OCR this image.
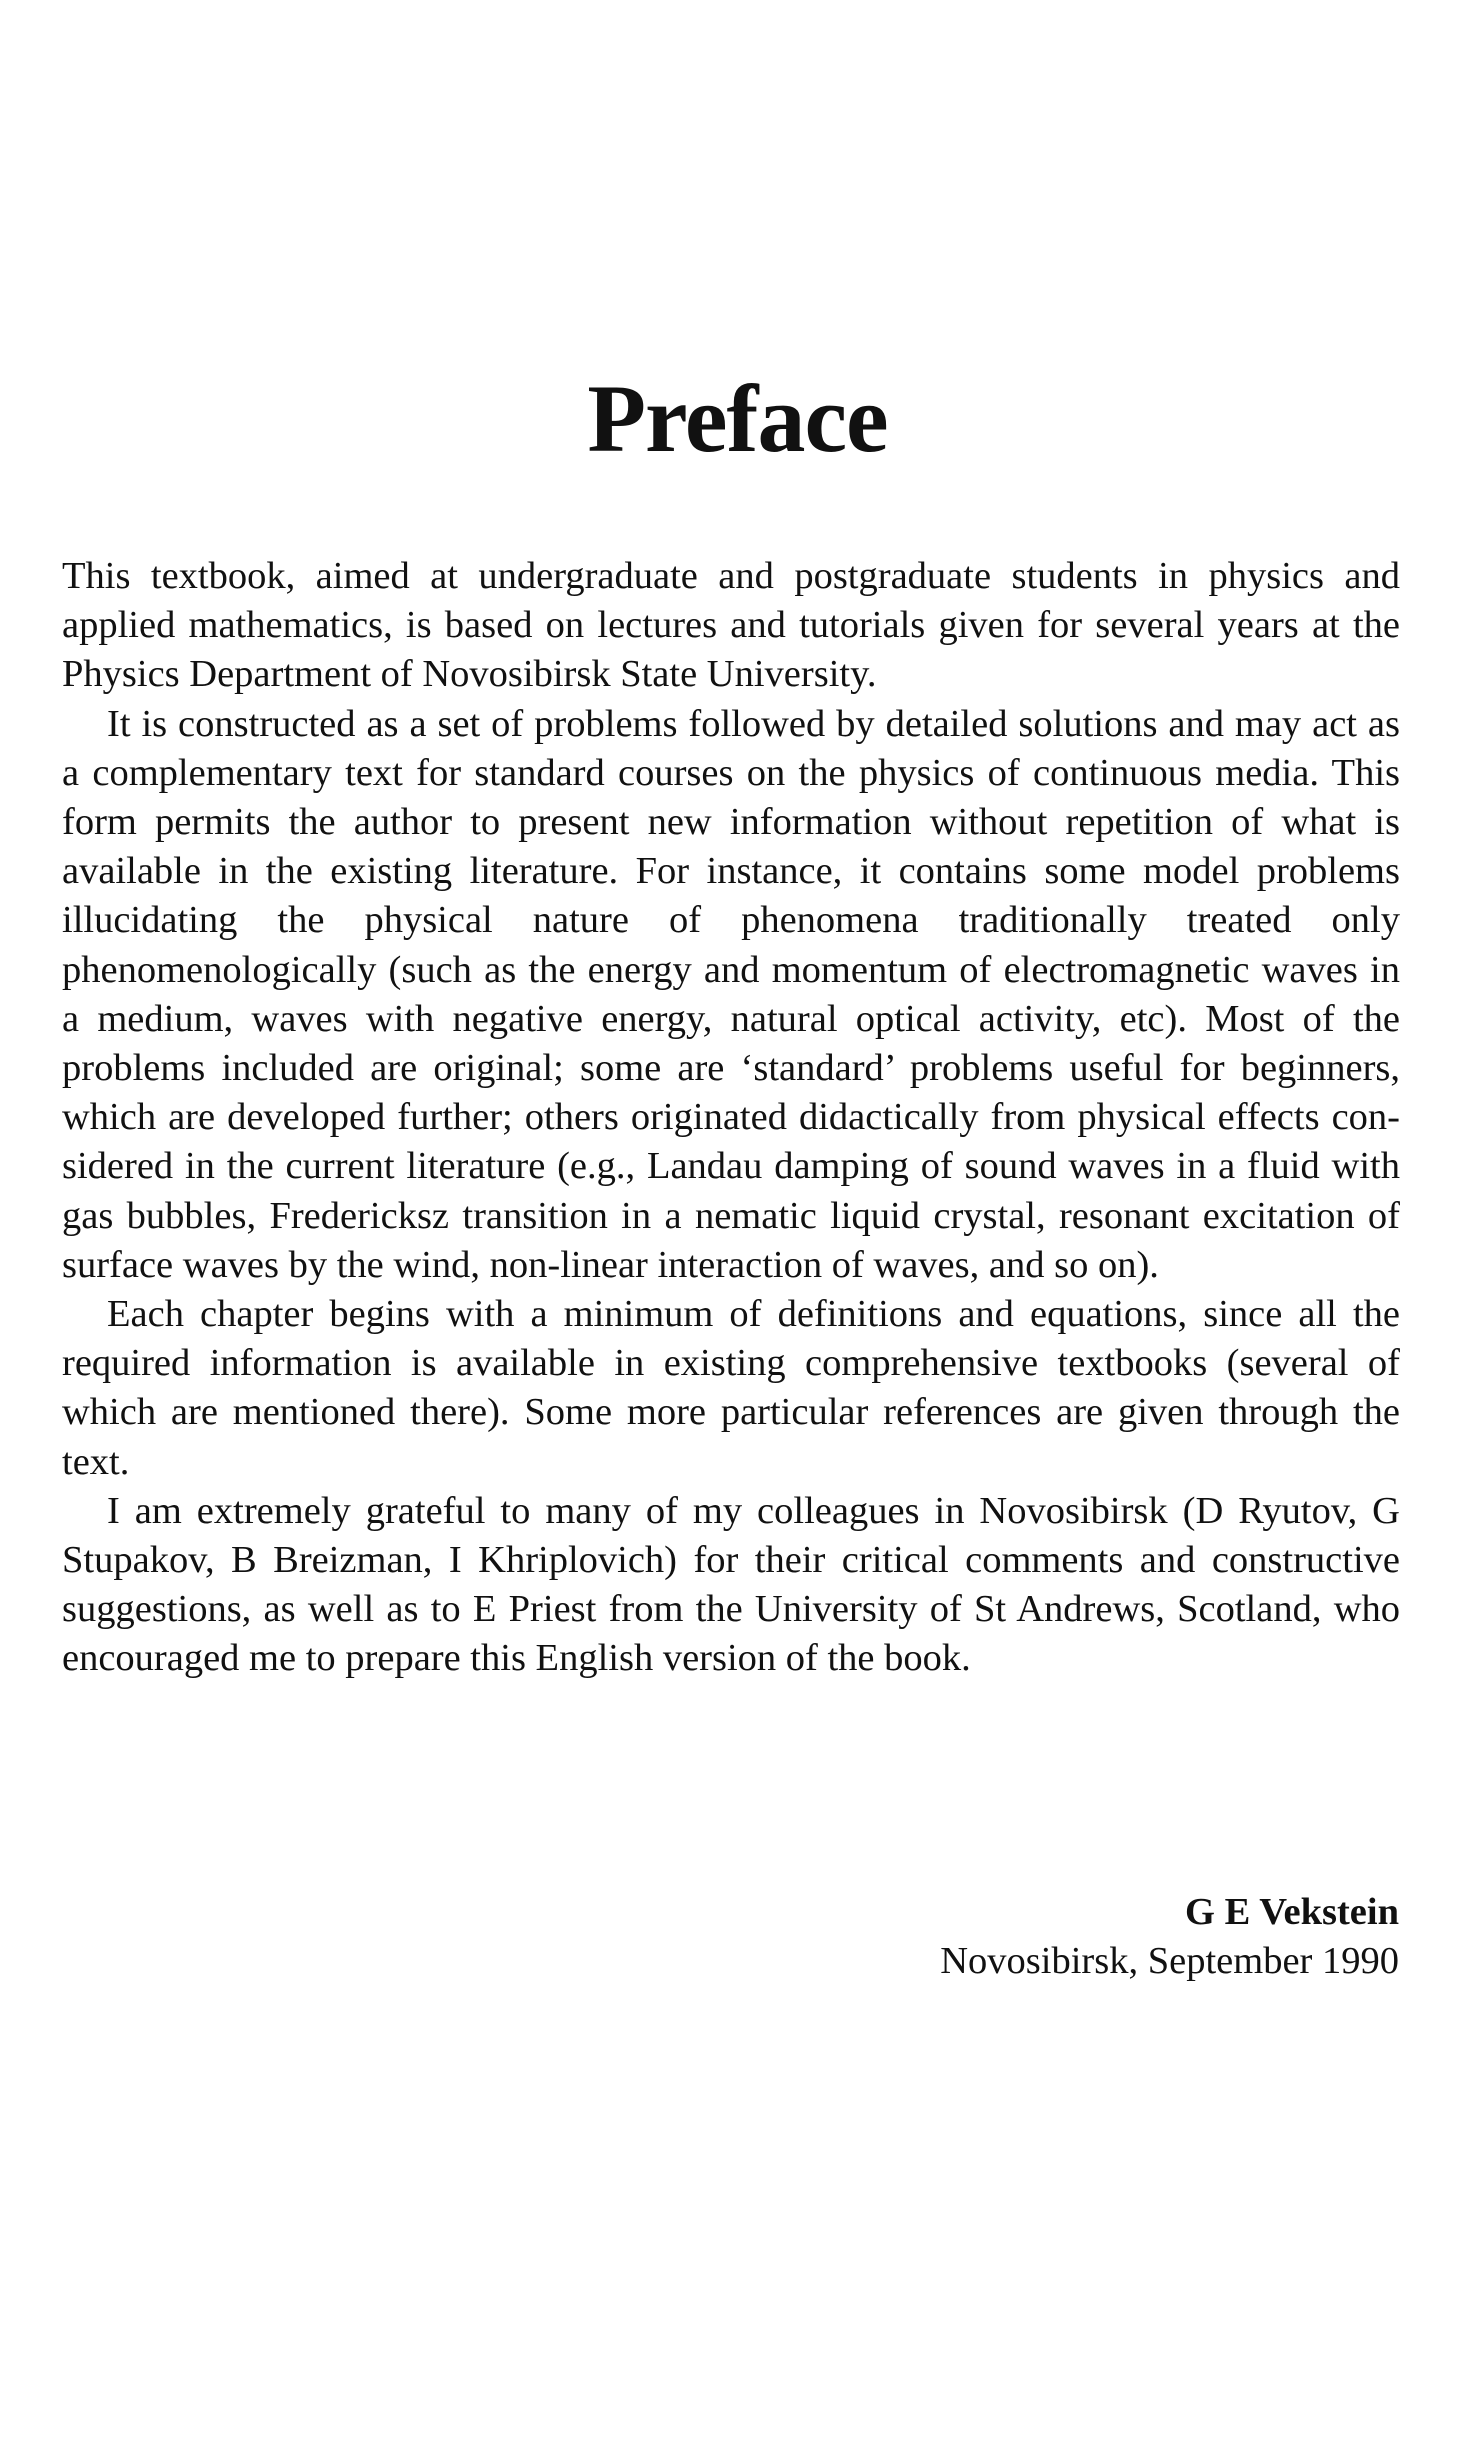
Preface

This textbook, aimed at undergraduate and postgraduate students in physics and applied mathematics, is based on lectures and tutorials given for several years at the Physics Department of Novosibirsk State University.

It is constructed as a set of problems followed by detailed solutions and may act as a complementary text for standard courses on the physics of continuous media. This form permits the author to present new information without repetition of what is available in the existing literature. For instance, it contains some model problems illucidating the physical nature of phenomena traditionally treated only phenomenologically (such as the energy and momentum of electromagnetic waves in a medium, waves with negative energy, natural optical activity, etc). Most of the problems included are original; some are ‘standard’ problems useful for beginners, which are developed further; others originated didactically from physical effects considered in the current literature (e.g., Landau damping of sound waves in a fluid with gas bubbles, Fredericksz transition in a nematic liquid crystal, resonant excitation of surface waves by the wind, non-linear interaction of waves, and so on).

Each chapter begins with a minimum of definitions and equations, since all the required information is available in existing comprehensive textbooks (several of which are mentioned there). Some more particular references are given through the text.

I am extremely grateful to many of my colleagues in Novosibirsk (D Ryutov, G Stupakov, B Breizman, I Khriplovich) for their critical comments and constructive suggestions, as well as to E Priest from the University of St Andrews, Scotland, who encouraged me to prepare this English version of the book.

G E Vekstein
Novosibirsk, September 1990
